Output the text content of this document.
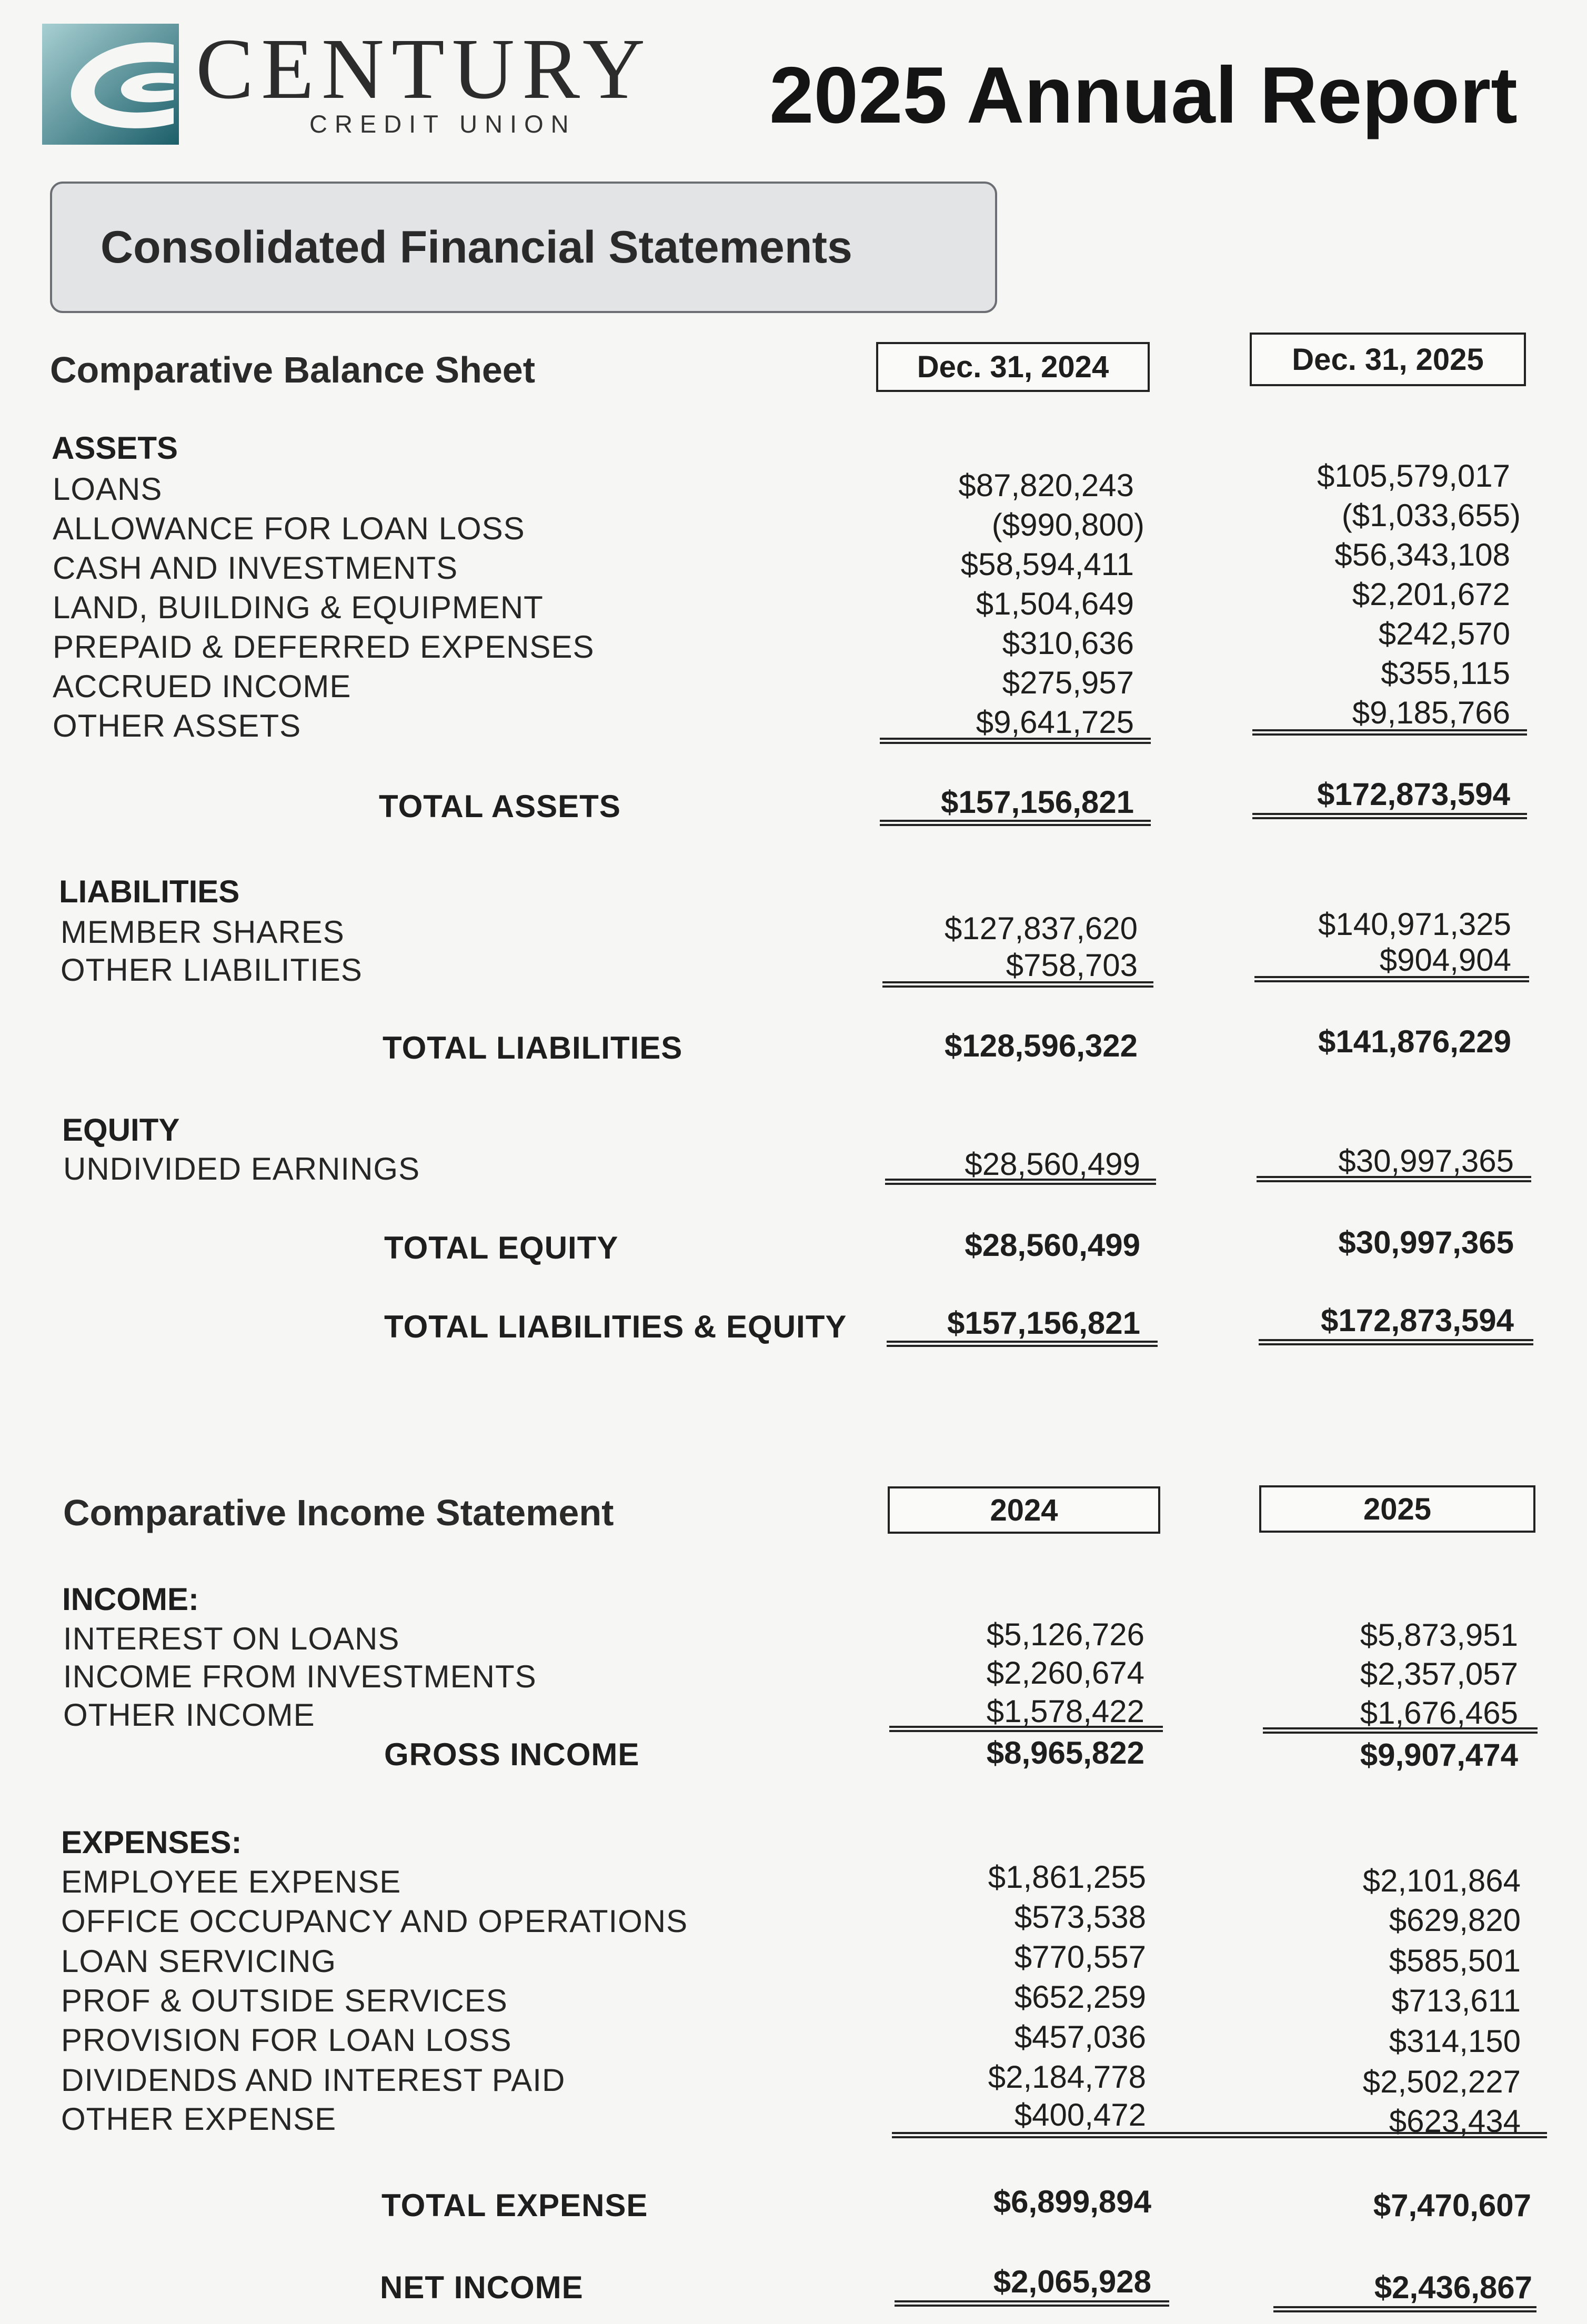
CENTURY
CREDIT UNION 2025 Annual Report
Consolidated Financial Statements
Comparative Balance Sheet	Dec. 31, 2024	Dec. 31, 2025
ASSETS
LOANS	$87,820,243	$105,579,017
ALLOWANCE FOR LOAN LOSS	($990,800)	($1,033,655)
CASH AND INVESTMENTS	$58,594,411	$56,343,108
LAND, BUILDING & EQUIPMENT	$1,504,649	$2,201,672
PREPAID & DEFERRED EXPENSES	$310,636	$242,570
ACCRUED INCOME	$275,957	$355,115
OTHER ASSETS	$9,641,725	$9,185,766
TOTAL ASSETS	$157,156,821	$172,873,594
LIABILITIES
MEMBER SHARES	$127,837,620	$140,971,325
OTHER LIABILITIES	$758,703	$904,904
TOTAL LIABILITIES	$128,596,322	$141,876,229
EQUITY
UNDIVIDED EARNINGS	$28,560,499	$30,997,365
TOTAL EQUITY	$28,560,499	$30,997,365
TOTAL LIABILITIES & EQUITY	$157,156,821	$172,873,594
Comparative Income Statement	2024	2025
INCOME:
INTEREST ON LOANS	$5,126,726	$5,873,951
INCOME FROM INVESTMENTS	$2,260,674	$2,357,057
OTHER INCOME	$1,578,422	$1,676,465
GROSS INCOME	$8,965,822	$9,907,474
EXPENSES:
EMPLOYEE EXPENSE	$1,861,255	$2,101,864
OFFICE OCCUPANCY AND OPERATIONS	$573,538	$629,820
LOAN SERVICING	$770,557	$585,501
PROF & OUTSIDE SERVICES	$652,259	$713,611
PROVISION FOR LOAN LOSS	$457,036	$314,150
DIVIDENDS AND INTEREST PAID	$2,184,778	$2,502,227
OTHER EXPENSE	$400,472	$623,434
TOTAL EXPENSE	$6,899,894	$7,470,607
NET INCOME	$2,065,928	$2,436,867
